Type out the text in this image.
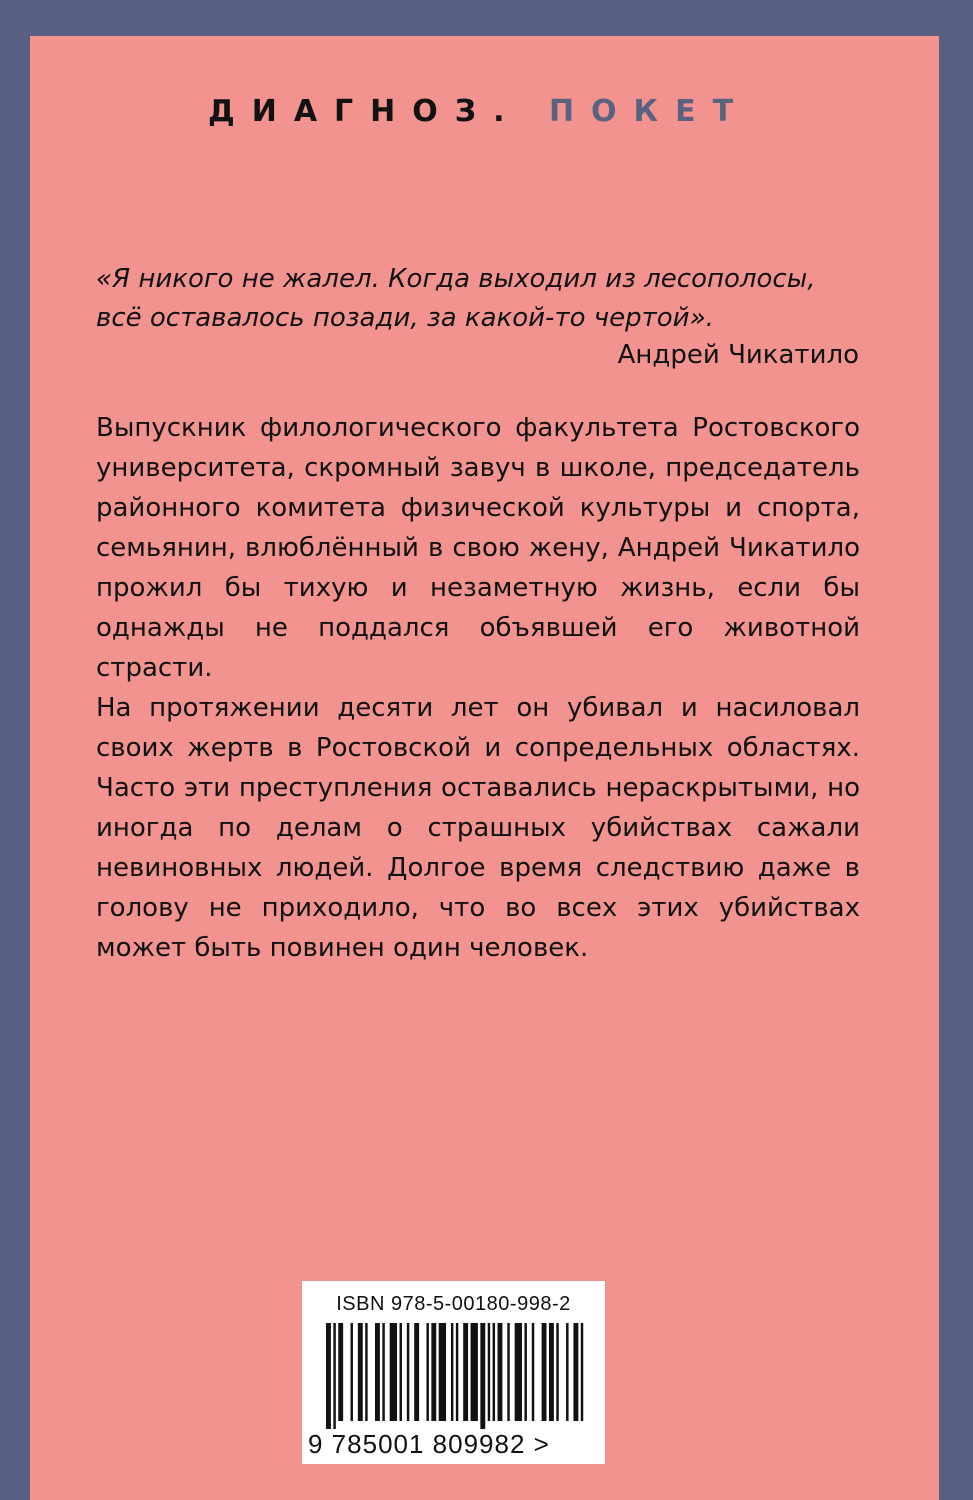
ДИАГНОЗ. ПОКЕТ
«Я никого не жалел. Когда выходил из лесополосы, всё оставалось позади, за какой-то чертой».
Андрей Чикатило

Выпускник филологического факультета Ростовского университета, скромный завуч в школе, председатель районного комитета физической культуры и спорта, семьянин, влюблённый в свою жену, Андрей Чикатило прожил бы тихую и незаметную жизнь, если бы однажды не поддался объявшей его животной страсти.

На протяжении десяти лет он убивал и насиловал своих жертв в Ростовской и сопредельных областях. Часто эти преступления оставались нераскрытыми, но иногда по делам о страшных убийствах сажали невиновных людей. Долгое время следствию даже в голову не приходило, что во всех этих убийствах может быть повинен один человек.

ISBN 978-5-00180-998-2
9 785001 809982 >
